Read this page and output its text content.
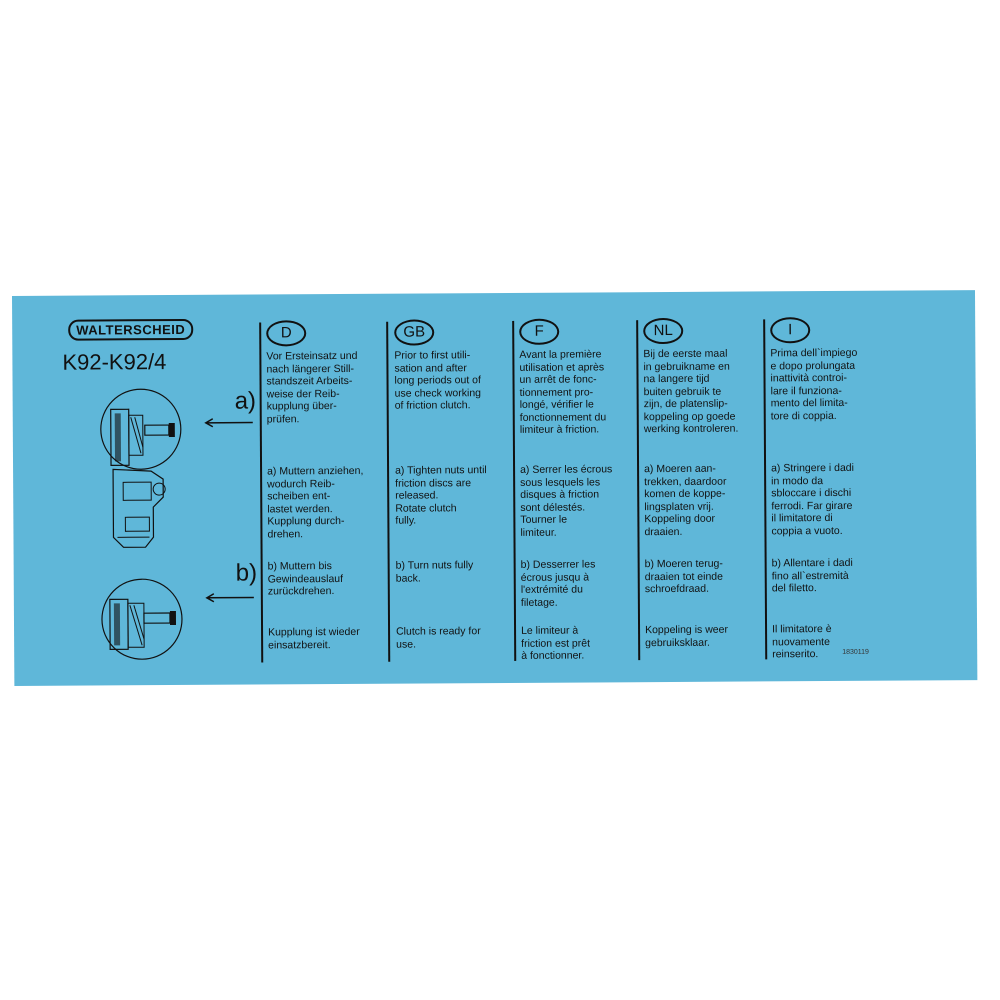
WALTERSCHEID
K92-K92/4
a)
b)
D
Vor Ersteinsatz und
nach längerer Still-
standszeit Arbeits-
weise der Reib-
kupplung über-
prüfen.
a) Muttern anziehen,
wodurch Reib-
scheiben ent-
lastet werden.
Kupplung durch-
drehen.
b) Muttern bis
Gewindeauslauf
zurückdrehen.
Kupplung ist wieder
einsatzbereit.
GB
Prior to first utili-
sation and after
long periods out of
use check working
of friction clutch.
a) Tighten nuts until
friction discs are
released.
Rotate clutch
fully.
b) Turn nuts fully
back.
Clutch is ready for
use.
F
Avant la première
utilisation et après
un arrêt de fonc-
tionnement pro-
longé, vérifier le
fonctionnement du
limiteur à friction.
a) Serrer les écrous
sous lesquels les
disques à friction
sont délestés.
Tourner le
limiteur.
b) Desserrer les
écrous jusqu à
l'extrémité du
filetage.
Le limiteur à
friction est prêt
à fonctionner.
NL
Bij de eerste maal
in gebruikname en
na langere tijd
buiten gebruik te
zijn, de platenslip-
koppeling op goede
werking kontroleren.
a) Moeren aan-
trekken, daardoor
komen de koppe-
lingsplaten vrij.
Koppeling door
draaien.
b) Moeren terug-
draaien tot einde
schroefdraad.
Koppeling is weer
gebruiksklaar.
I
Prima dell`impiego
e dopo prolungata
inattività controi-
lare il funziona-
mento del limita-
tore di coppia.
a) Stringere i dadi
in modo da
sbloccare i dischi
ferrodi. Far girare
il limitatore di
coppia a vuoto.
b) Allentare i dadi
fino all`estremità
del filetto.
Il limitatore è
nuovamente
reinserito.	1830119
